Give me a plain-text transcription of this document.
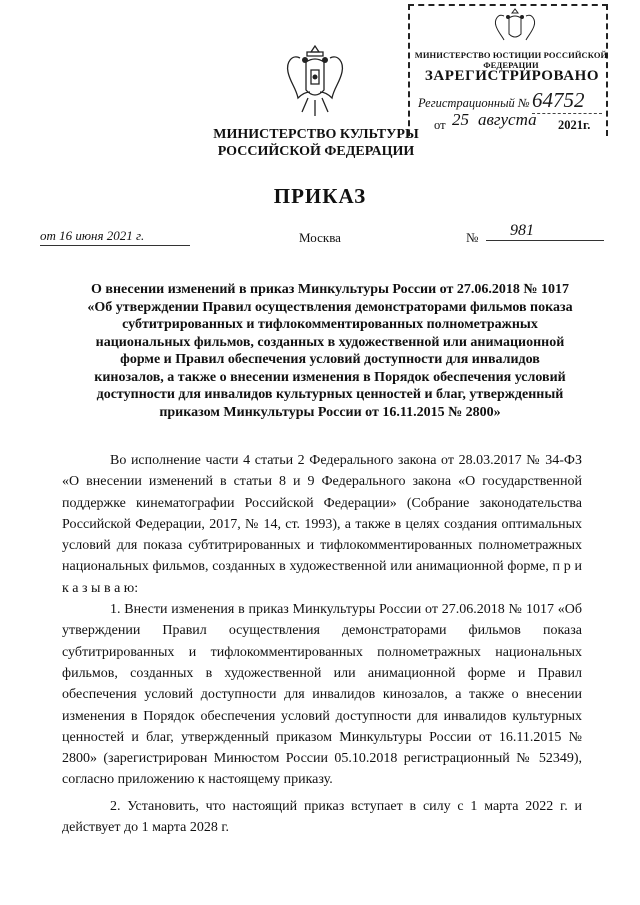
МИНИСТЕРСТВО КУЛЬТУРЫ РОССИЙСКОЙ ФЕДЕРАЦИИ
МИНИСТЕРСТВО ЮСТИЦИИ РОССИЙСКОЙ ФЕДЕРАЦИИ
ЗАРЕГИСТРИРОВАНО
Регистрационный № 64752
от 25 августа 2021г.
ПРИКАЗ
от 16 июня 2021 г.	Москва	№	981
О внесении изменений в приказ Минкультуры России от 27.06.2018 № 1017 «Об утверждении Правил осуществления демонстраторами фильмов показа субтитрированных и тифлокомментированных полнометражных национальных фильмов, созданных в художественной или анимационной форме и Правил обеспечения условий доступности для инвалидов кинозалов, а также о внесении изменения в Порядок обеспечения условий доступности для инвалидов культурных ценностей и благ, утвержденный приказом Минкультуры России от 16.11.2015 № 2800»

Во исполнение части 4 статьи 2 Федерального закона от 28.03.2017 № 34-ФЗ «О внесении изменений в статьи 8 и 9 Федерального закона «О государственной поддержке кинематографии Российской Федерации» (Собрание законодательства Российской Федерации, 2017, № 14, ст. 1993), а также в целях создания оптимальных условий для показа субтитрированных и тифлокомментированных полнометражных национальных фильмов, созданных в художественной или анимационной форме, п р и к а з ы в а ю:

1. Внести изменения в приказ Минкультуры России от 27.06.2018 № 1017 «Об утверждении Правил осуществления демонстраторами фильмов показа субтитрированных и тифлокомментированных полнометражных национальных фильмов, созданных в художественной или анимационной форме и Правил обеспечения условий доступности для инвалидов кинозалов, а также о внесении изменения в Порядок обеспечения условий доступности для инвалидов культурных ценностей и благ, утвержденный приказом Минкультуры России от 16.11.2015 № 2800» (зарегистрирован Минюстом России 05.10.2018 регистрационный № 52349), согласно приложению к настоящему приказу.

2. Установить, что настоящий приказ вступает в силу с 1 марта 2022 г. и действует до 1 марта 2028 г.
